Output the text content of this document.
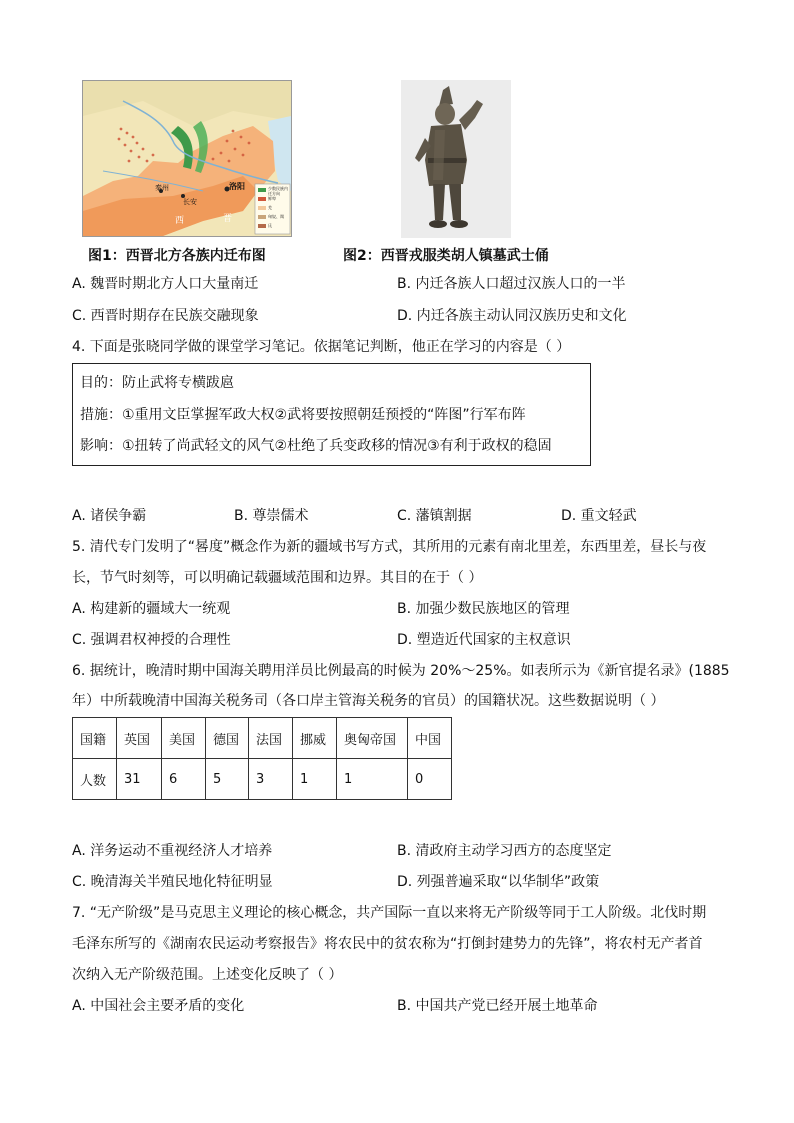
洛阳
长安
秦州
西	晋
少数民族内迁方向
鲜卑
羌
匈奴、羯
氐
图1：西晋北方各族内迁布图	图2：西晋戎服类胡人镇墓武士俑
A. 魏晋时期北方人口大量南迁	B. 内迁各族人口超过汉族人口的一半
C. 西晋时期存在民族交融现象	D. 内迁各族主动认同汉族历史和文化
4. 下面是张晓同学做的课堂学习笔记。依据笔记判断，他正在学习的内容是（ ）
目的：防止武将专横跋扈
措施：①重用文臣掌握军政大权②武将要按照朝廷预授的“阵图”行军布阵
影响：①扭转了尚武轻文的风气②杜绝了兵变政移的情况③有利于政权的稳固
A. 诸侯争霸	B. 尊崇儒术	C. 藩镇割据	D. 重文轻武
5. 清代专门发明了“晷度”概念作为新的疆域书写方式，其所用的元素有南北里差，东西里差，昼长与夜
长，节气时刻等，可以明确记载疆域范围和边界。其目的在于（ ）
A. 构建新的疆域大一统观	B. 加强少数民族地区的管理
C. 强调君权神授的合理性	D. 塑造近代国家的主权意识
6. 据统计，晚清时期中国海关聘用洋员比例最高的时候为 20%～25%。如表所示为《新官提名录》(1885
年）中所载晚清中国海关税务司（各口岸主管海关税务的官员）的国籍状况。这些数据说明（ ）
国籍	英国	美国	德国	法国	挪威	奥匈帝国	中国
人数	31	6	5	3	1	1	0
A. 洋务运动不重视经济人才培养	B. 清政府主动学习西方的态度坚定
C. 晚清海关半殖民地化特征明显	D. 列强普遍采取“以华制华”政策
7. “无产阶级”是马克思主义理论的核心概念，共产国际一直以来将无产阶级等同于工人阶级。北伐时期
毛泽东所写的《湖南农民运动考察报告》将农民中的贫农称为“打倒封建势力的先锋”，将农村无产者首
次纳入无产阶级范围。上述变化反映了（ ）
A. 中国社会主要矛盾的变化	B. 中国共产党已经开展土地革命
